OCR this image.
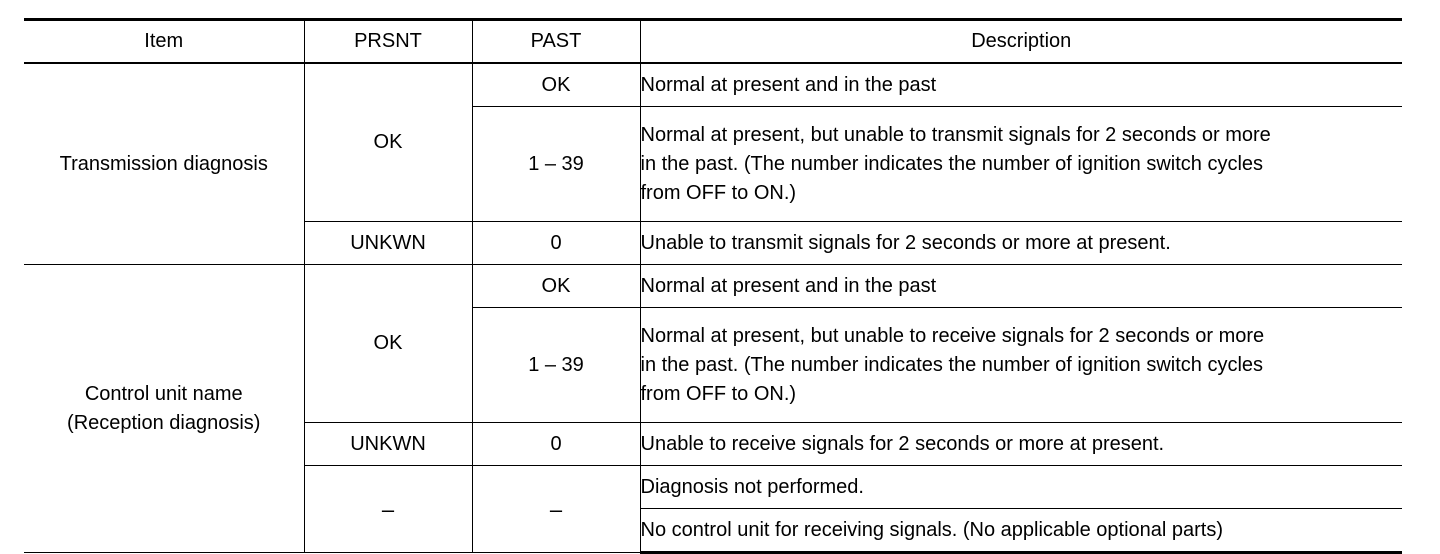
Item	PRSNT	PAST	Description
Transmission diagnosis	OK	OK	Normal at present and in the past
		1 – 39	Normal at present, but unable to transmit signals for 2 seconds or more
in the past. (The number indicates the number of ignition switch cycles
from OFF to ON.)

	UNKWN	0	Unable to transmit signals for 2 seconds or more at present.

Control unit name
(Reception diagnosis)	OK	OK	Normal at present and in the past
		1 – 39	Normal at present, but unable to receive signals for 2 seconds or more
in the past. (The number indicates the number of ignition switch cycles
from OFF to ON.)

	UNKWN	0	Unable to receive signals for 2 seconds or more at present.
	–	–	Diagnosis not performed.
			No control unit for receiving signals. (No applicable optional parts)
